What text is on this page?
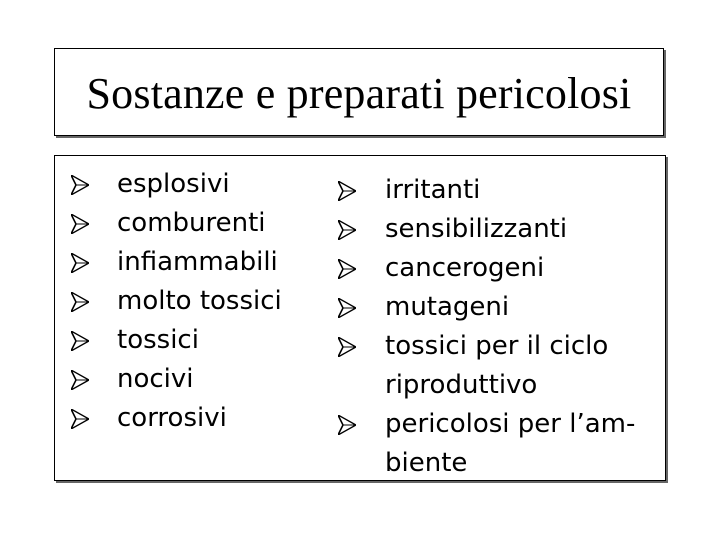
Sostanze e preparati pericolosi
esplosivi
comburenti
infiammabili
molto tossici
tossici
nocivi
corrosivi
irritanti
sensibilizzanti
cancerogeni
mutageni
tossici per il ciclo
riproduttivo
pericolosi per l’am-
biente
